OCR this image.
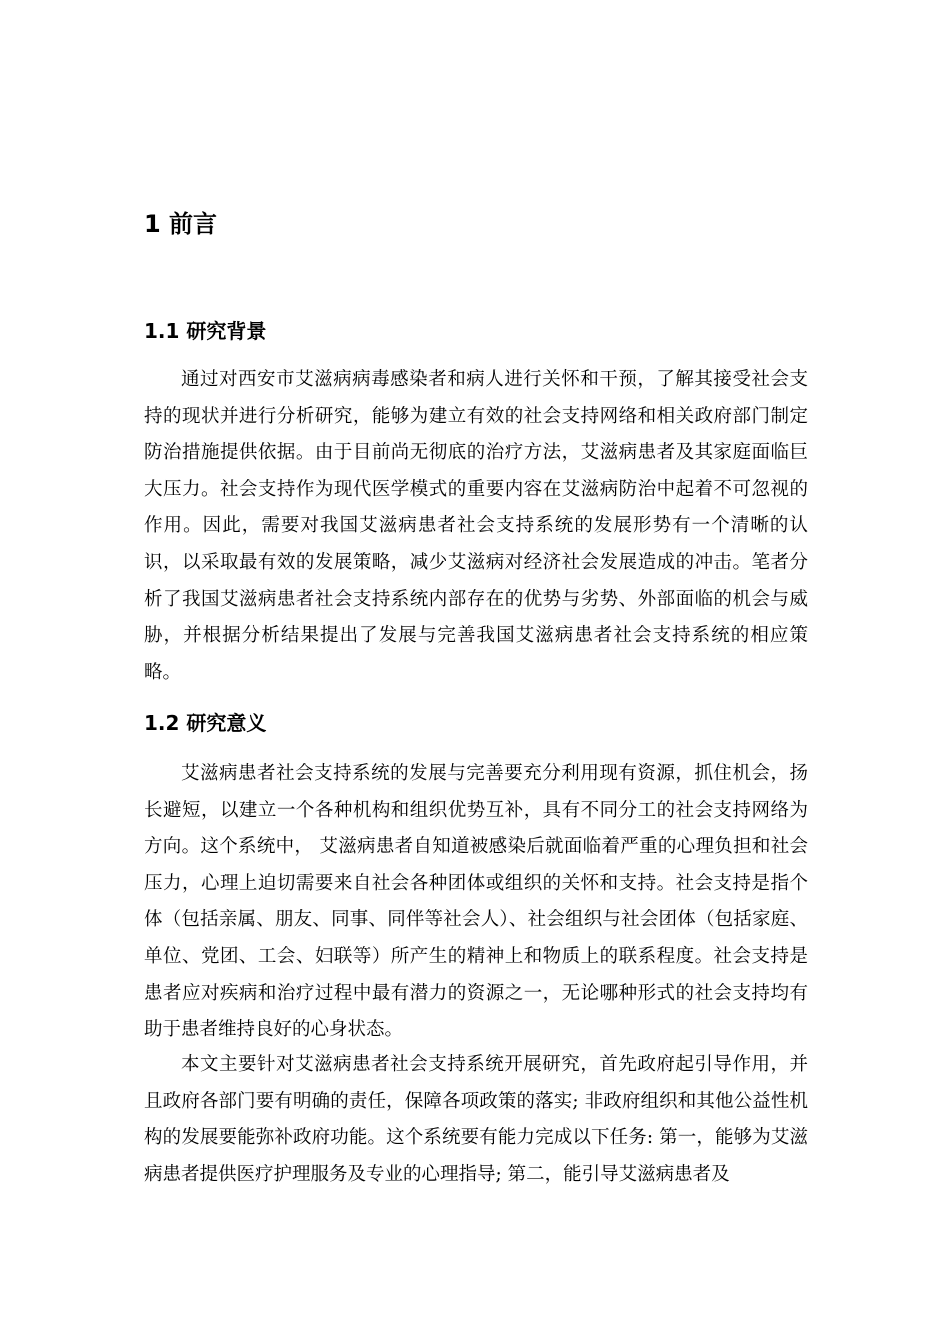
1 前言
1.1 研究背景

通过对西安市艾滋病病毒感染者和病人进行关怀和干预，了解其接受社会支持的现状并进行分析研究，能够为建立有效的社会支持网络和相关政府部门制定防治措施提供依据。由于目前尚无彻底的治疗方法，艾滋病患者及其家庭面临巨大压力。社会支持作为现代医学模式的重要内容在艾滋病防治中起着不可忽视的作用。因此，需要对我国艾滋病患者社会支持系统的发展形势有一个清晰的认识，以采取最有效的发展策略，减少艾滋病对经济社会发展造成的冲击。笔者分析了我国艾滋病患者社会支持系统内部存在的优势与劣势、外部面临的机会与威胁，并根据分析结果提出了发展与完善我国艾滋病患者社会支持系统的相应策略。

1.2 研究意义

艾滋病患者社会支持系统的发展与完善要充分利用现有资源，抓住机会，扬长避短，以建立一个各种机构和组织优势互补，具有不同分工的社会支持网络为方向。这个系统中， 艾滋病患者自知道被感染后就面临着严重的心理负担和社会压力，心理上迫切需要来自社会各种团体或组织的关怀和支持。社会支持是指个体（包括亲属、朋友、同事、同伴等社会人）、社会组织与社会团体（包括家庭、单位、党团、工会、妇联等）所产生的精神上和物质上的联系程度。社会支持是患者应对疾病和治疗过程中最有潜力的资源之一，无论哪种形式的社会支持均有助于患者维持良好的心身状态。

本文主要针对艾滋病患者社会支持系统开展研究，首先政府起引导作用，并且政府各部门要有明确的责任，保障各项政策的落实; 非政府组织和其他公益性机构的发展要能弥补政府功能。这个系统要有能力完成以下任务: 第一，能够为艾滋病患者提供医疗护理服务及专业的心理指导; 第二，能引导艾滋病患者及
